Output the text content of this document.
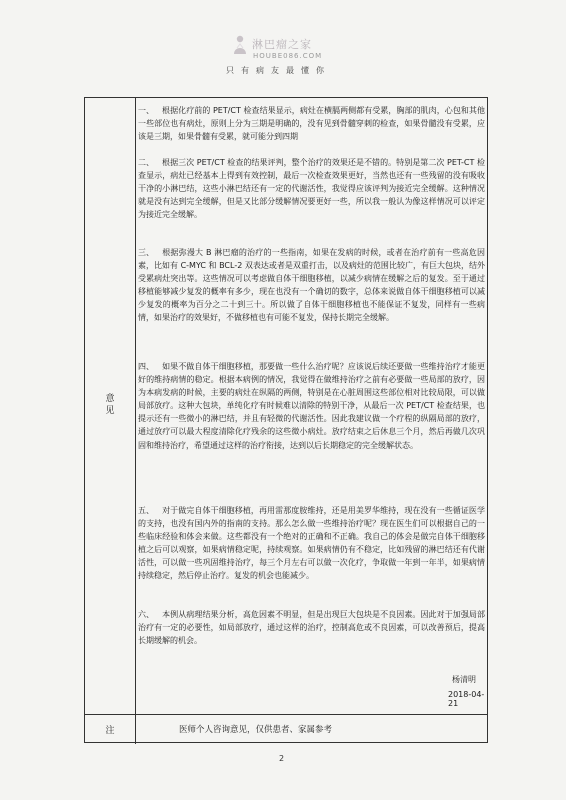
淋巴瘤之家
HOUBE086.COM
只有病友最懂你
意见
一、 根据化疗前的 PET/CT 检查结果显示，病灶在横膈两侧都有受累，胸部的肌肉，心包和其他一些部位也有病灶，原则上分为三期是明确的，没有见到骨髓穿刺的检查，如果骨髓没有受累，应该是三期，如果骨髓有受累，就可能分到四期
二、 根据三次 PET/CT 检查的结果评判，整个治疗的效果还是不错的。特别是第二次 PET-CT 检查显示，病灶已经基本上得到有效控制，最后一次检查效果更好，当然也还有一些残留的没有吸收干净的小淋巴结，这些小淋巴结还有一定的代谢活性，我觉得应该评判为接近完全缓解。这种情况就是没有达到完全缓解，但是又比部分缓解情况要更好一些，所以我一般认为像这样情况可以评定为接近完全缓解。
三、 根据弥漫大 B 淋巴瘤的治疗的一些指南，如果在发病的时候，或者在治疗前有一些高危因素，比如有 C-MYC 和 BCL-2 双表达或者是双重打击，以及病灶的范围比较广，有巨大包块，结外受累病灶突出等。这些情况可以考虑做自体干细胞移植，以减少病情在缓解之后的复发。至于通过移植能够减少复发的概率有多少，现在也没有一个确切的数字，总体来说做自体干细胞移植可以减少复发的概率为百分之二十到三十。所以做了自体干细胞移植也不能保证不复发，同样有一些病情，如果治疗的效果好，不做移植也有可能不复发，保持长期完全缓解。
四、 如果不做自体干细胞移植，那要做一些什么治疗呢？应该说后续还要做一些维持治疗才能更好的维持病情的稳定。根据本病例的情况，我觉得在做维持治疗之前有必要做一些局部的放疗，因为本病发病的时候，主要的病灶在纵隔的两侧，特别是在心脏周围这些部位相对比较局限，可以做局部放疗。这种大包块，单纯化疗有时候难以清除的特别干净，从最后一次 PET/CT 检查结果，也提示还有一些微小的淋巴结，并且有轻微的代谢活性。因此我建议做一个疗程的纵隔局部的放疗，通过放疗可以最大程度清除化疗残余的这些微小病灶。放疗结束之后休息三个月，然后再做几次巩固和维持治疗，希望通过这样的治疗衔接，达到以后长期稳定的完全缓解状态。
五、 对于做完自体干细胞移植，再用雷那度胺维持，还是用美罗华维持，现在没有一些循证医学的支持，也没有国内外的指南的支持。那么怎么做一些维持治疗呢？现在医生们可以根据自己的一些临床经验和体会来做。这些都没有一个绝对的正确和不正确。我自己的体会是做完自体干细胞移植之后可以观察，如果病情稳定呢，持续观察。如果病情仍有不稳定，比如残留的淋巴结还有代谢活性，可以做一些巩固维持治疗，每三个月左右可以做一次化疗，争取做一年到一年半，如果病情持续稳定，然后停止治疗。复发的机会也能减少。
六、 本例从病理结果分析，高危因素不明显，但是出现巨大包块是不良因素。因此对于加强局部治疗有一定的必要性，如局部放疗，通过这样的治疗，控制高危或不良因素，可以改善预后，提高长期缓解的机会。
杨清明
2018-04-21
注	医师个人咨询意见，仅供患者、家属参考
2
